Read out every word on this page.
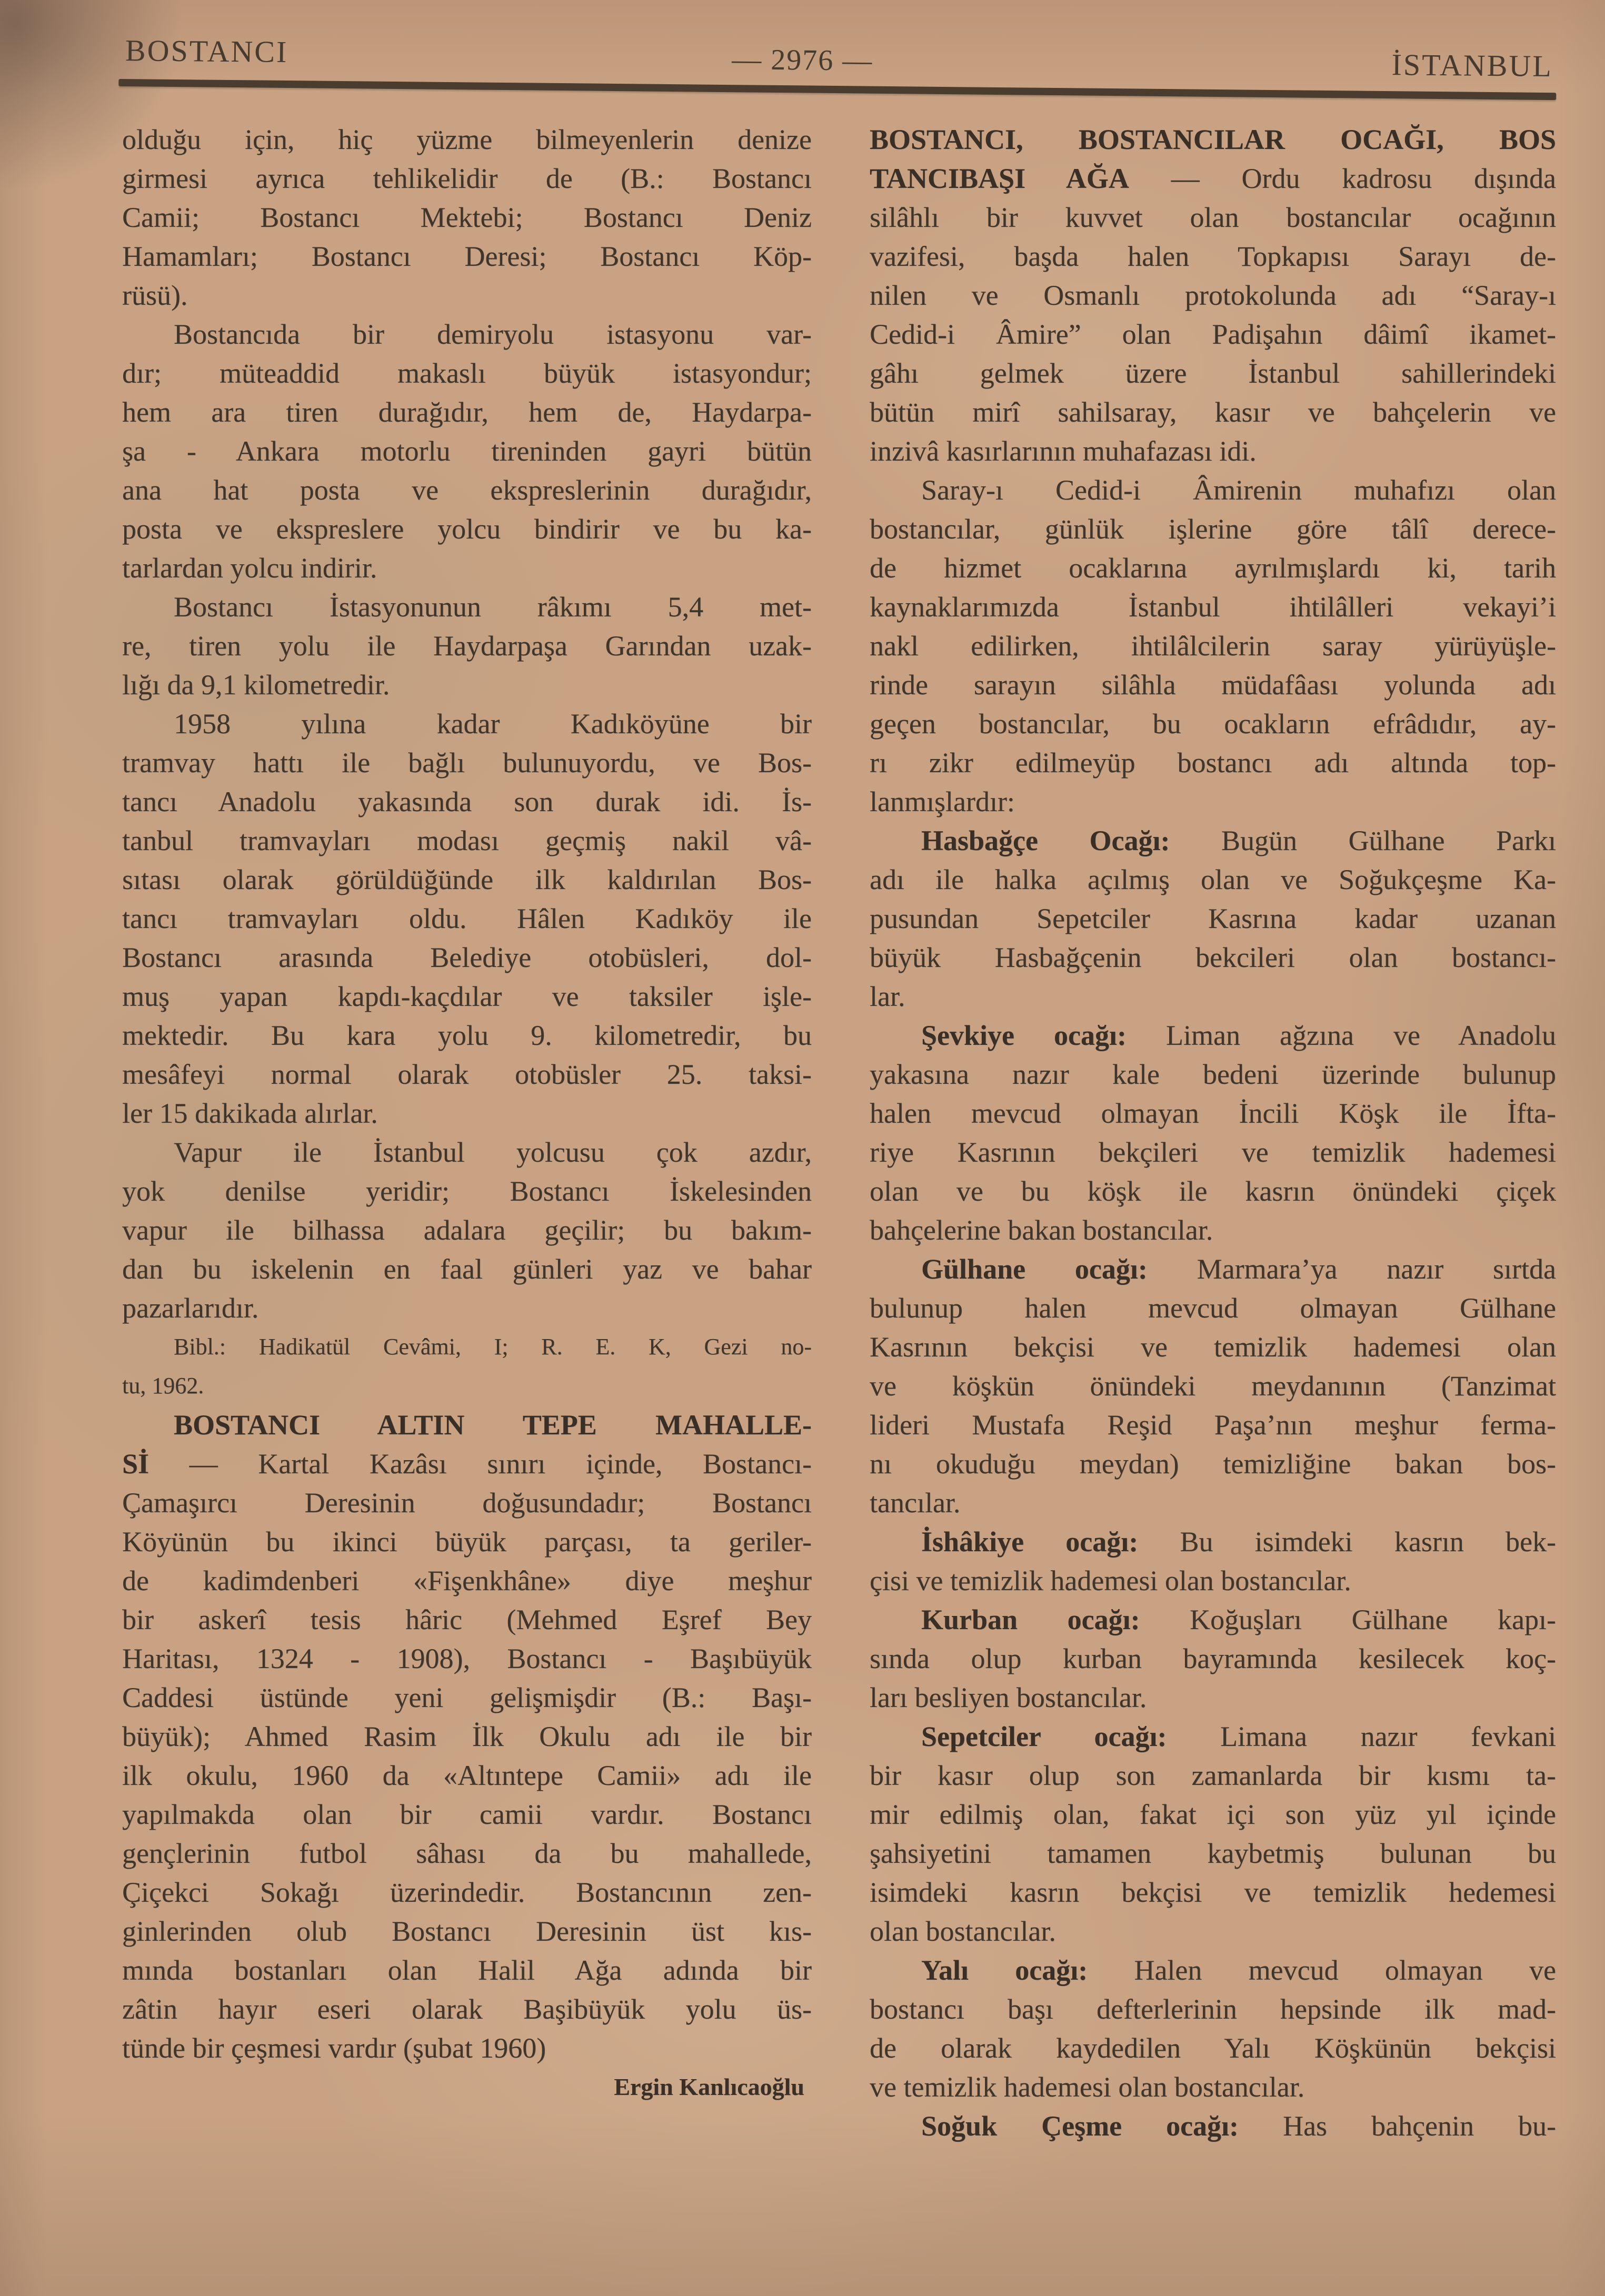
BOSTANCI	— 2976 —	İSTANBUL
olduğu için, hiç yüzme bilmeyenlerin denize
girmesi ayrıca tehlikelidir de (B.: Bostancı
Camii; Bostancı Mektebi; Bostancı Deniz
Hamamları; Bostancı Deresi; Bostancı Köp-
rüsü).
Bostancıda bir demiryolu istasyonu var-
dır; müteaddid makaslı büyük istasyondur;
hem ara tiren durağıdır, hem de, Haydarpa-
şa - Ankara motorlu tireninden gayri bütün
ana hat posta ve ekspreslerinin durağıdır,
posta ve ekspreslere yolcu bindirir ve bu ka-
tarlardan yolcu indirir.
Bostancı İstasyonunun râkımı 5,4 met-
re, tiren yolu ile Haydarpaşa Garından uzak-
lığı da 9,1 kilometredir.
1958 yılına kadar Kadıköyüne bir
tramvay hattı ile bağlı bulunuyordu, ve Bos-
tancı Anadolu yakasında son durak idi. İs-
tanbul tramvayları modası geçmiş nakil vâ-
sıtası olarak görüldüğünde ilk kaldırılan Bos-
tancı tramvayları oldu. Hâlen Kadıköy ile
Bostancı arasında Belediye otobüsleri, dol-
muş yapan kapdı-kaçdılar ve taksiler işle-
mektedir. Bu kara yolu 9. kilometredir, bu
mesâfeyi normal olarak otobüsler 25. taksi-
ler 15 dakikada alırlar.
Vapur ile İstanbul yolcusu çok azdır,
yok denilse yeridir; Bostancı İskelesinden
vapur ile bilhassa adalara geçilir; bu bakım-
dan bu iskelenin en faal günleri yaz ve bahar
pazarlarıdır.
Bibl.: Hadikatül Cevâmi, I; R. E. K, Gezi no-
tu, 1962.
BOSTANCI ALTIN TEPE MAHALLE-
Sİ — Kartal Kazâsı sınırı içinde, Bostancı-
Çamaşırcı Deresinin doğusundadır; Bostancı
Köyünün bu ikinci büyük parçası, ta geriler-
de kadimdenberi «Fişenkhâne» diye meşhur
bir askerî tesis hâric (Mehmed Eşref Bey
Haritası, 1324 - 1908), Bostancı - Başıbüyük
Caddesi üstünde yeni gelişmişdir (B.: Başı-
büyük); Ahmed Rasim İlk Okulu adı ile bir
ilk okulu, 1960 da «Altıntepe Camii» adı ile
yapılmakda olan bir camii vardır. Bostancı
gençlerinin futbol sâhası da bu mahallede,
Çiçekci Sokağı üzerindedir. Bostancının zen-
ginlerinden olub Bostancı Deresinin üst kıs-
mında bostanları olan Halil Ağa adında bir
zâtin hayır eseri olarak Başibüyük yolu üs-
tünde bir çeşmesi vardır (şubat 1960)
Ergin Kanlıcaoğlu
BOSTANCI, BOSTANCILAR OCAĞI, BOS
TANCIBAŞI AĞA — Ordu kadrosu dışında
silâhlı bir kuvvet olan bostancılar ocağının
vazifesi, başda halen Topkapısı Sarayı de-
nilen ve Osmanlı protokolunda adı “Saray-ı
Cedid-i Âmire” olan Padişahın dâimî ikamet-
gâhı gelmek üzere İstanbul sahillerindeki
bütün mirî sahilsaray, kasır ve bahçelerin ve
inzivâ kasırlarının muhafazası idi.
Saray-ı Cedid-i Âmirenin muhafızı olan
bostancılar, günlük işlerine göre tâlî derece-
de hizmet ocaklarına ayrılmışlardı ki, tarih
kaynaklarımızda İstanbul ihtilâlleri vekayi’i
nakl edilirken, ihtilâlcilerin saray yürüyüşle-
rinde sarayın silâhla müdafâası yolunda adı
geçen bostancılar, bu ocakların efrâdıdır, ay-
rı zikr edilmeyüp bostancı adı altında top-
lanmışlardır:
Hasbağçe Ocağı: Bugün Gülhane Parkı
adı ile halka açılmış olan ve Soğukçeşme Ka-
pusundan Sepetciler Kasrına kadar uzanan
büyük Hasbağçenin bekcileri olan bostancı-
lar.
Şevkiye ocağı: Liman ağzına ve Anadolu
yakasına nazır kale bedeni üzerinde bulunup
halen mevcud olmayan İncili Köşk ile İfta-
riye Kasrının bekçileri ve temizlik hademesi
olan ve bu köşk ile kasrın önündeki çiçek
bahçelerine bakan bostancılar.
Gülhane ocağı: Marmara’ya nazır sırtda
bulunup halen mevcud olmayan Gülhane
Kasrının bekçisi ve temizlik hademesi olan
ve köşkün önündeki meydanının (Tanzimat
lideri Mustafa Reşid Paşa’nın meşhur ferma-
nı okuduğu meydan) temizliğine bakan bos-
tancılar.
İshâkiye ocağı: Bu isimdeki kasrın bek-
çisi ve temizlik hademesi olan bostancılar.
Kurban ocağı: Koğuşları Gülhane kapı-
sında olup kurban bayramında kesilecek koç-
ları besliyen bostancılar.
Sepetciler ocağı: Limana nazır fevkani
bir kasır olup son zamanlarda bir kısmı ta-
mir edilmiş olan, fakat içi son yüz yıl içinde
şahsiyetini tamamen kaybetmiş bulunan bu
isimdeki kasrın bekçisi ve temizlik hedemesi
olan bostancılar.
Yalı ocağı: Halen mevcud olmayan ve
bostancı başı defterlerinin hepsinde ilk mad-
de olarak kaydedilen Yalı Köşkünün bekçisi
ve temizlik hademesi olan bostancılar.
Soğuk Çeşme ocağı: Has bahçenin bu-
